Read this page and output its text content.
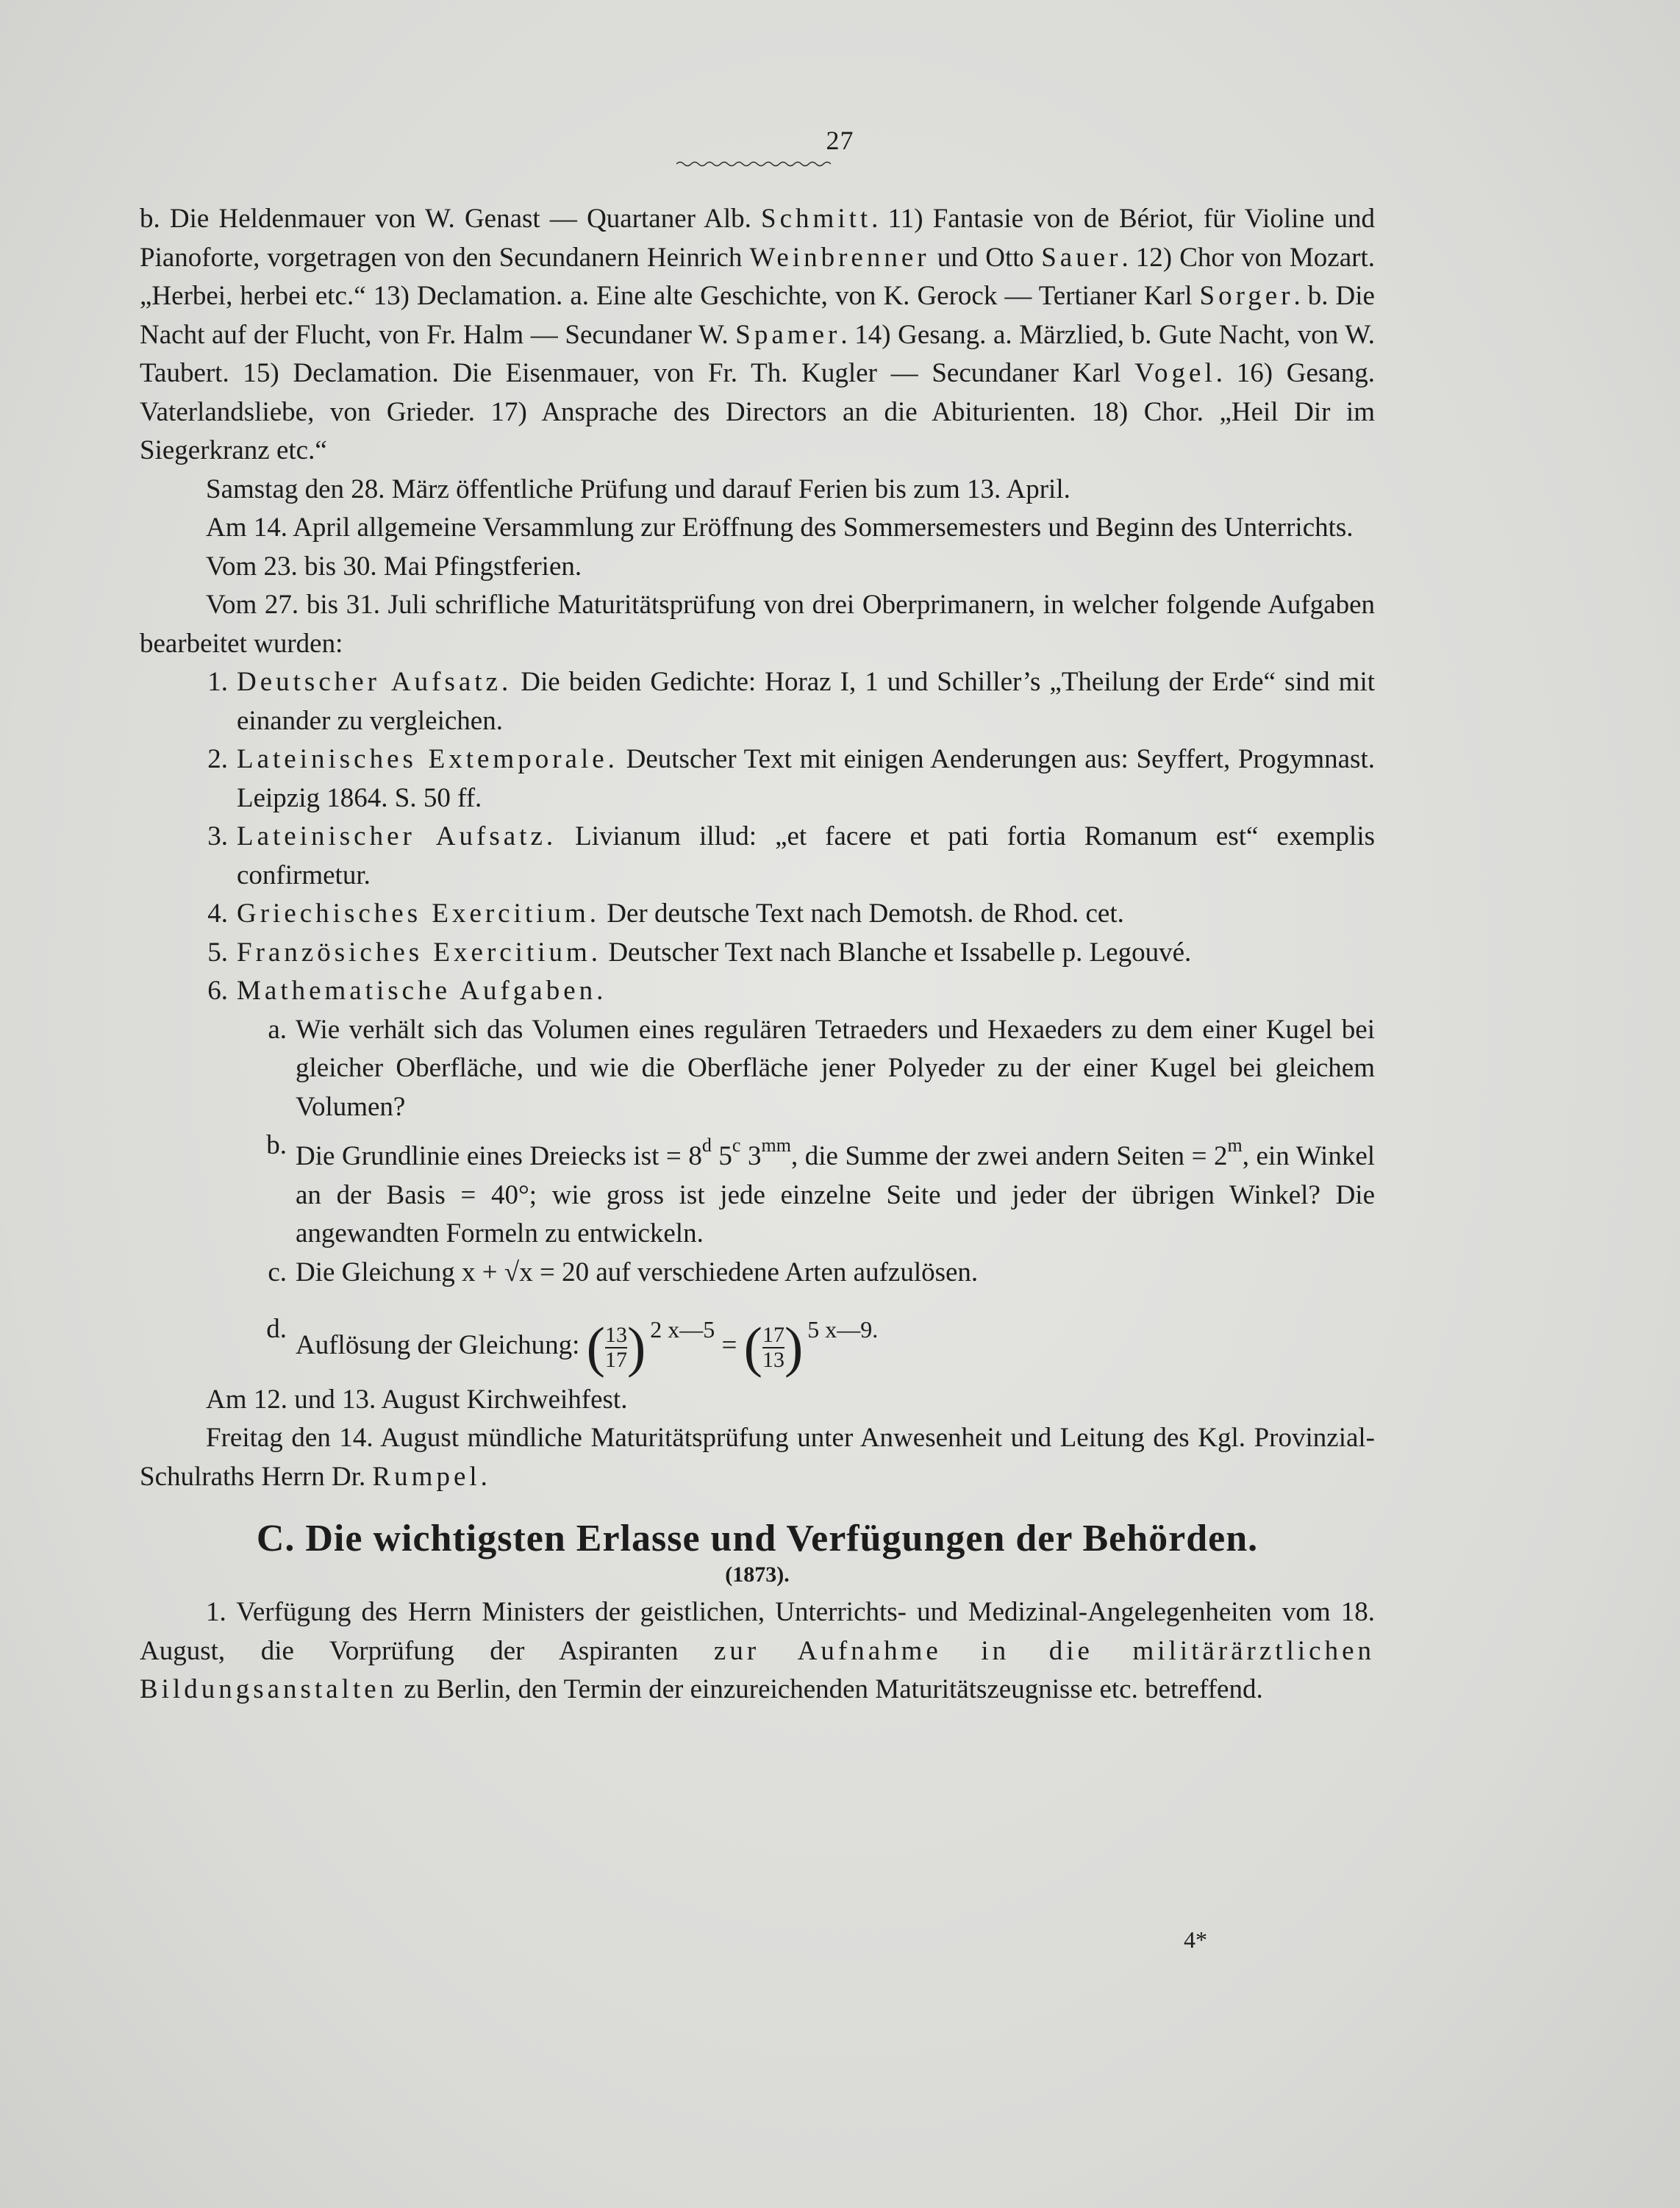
27

b. Die Heldenmauer von W. Genast — Quartaner Alb. Schmitt. 11) Fantasie von de Bériot, für Violine und Pianoforte, vorgetragen von den Secundanern Heinrich Weinbrenner und Otto Sauer. 12) Chor von Mozart. „Herbei, herbei etc.“ 13) Declamation. a. Eine alte Geschichte, von K. Gerock — Tertianer Karl Sorger. b. Die Nacht auf der Flucht, von Fr. Halm — Secundaner W. Spamer. 14) Gesang. a. Märzlied, b. Gute Nacht, von W. Taubert. 15) Declamation. Die Eisenmauer, von Fr. Th. Kugler — Secundaner Karl Vogel. 16) Gesang. Vaterlandsliebe, von Grieder. 17) Ansprache des Directors an die Abiturienten. 18) Chor. „Heil Dir im Siegerkranz etc.“

Samstag den 28. März öffentliche Prüfung und darauf Ferien bis zum 13. April.

Am 14. April allgemeine Versammlung zur Eröffnung des Sommersemesters und Beginn des Unterrichts.

Vom 23. bis 30. Mai Pfingstferien.

Vom 27. bis 31. Juli schrifliche Maturitätsprüfung von drei Oberprimanern, in welcher folgende Aufgaben bearbeitet wurden:

1. Deutscher Aufsatz. Die beiden Gedichte: Horaz I, 1 und Schiller’s „Theilung der Erde“ sind mit einander zu vergleichen.
2. Lateinisches Extemporale. Deutscher Text mit einigen Aenderungen aus: Seyffert, Progymnast. Leipzig 1864. S. 50 ff.
3. Lateinischer Aufsatz. Livianum illud: „et facere et pati fortia Romanum est“ exemplis confirmetur.
4. Griechisches Exercitium. Der deutsche Text nach Demotsh. de Rhod. cet.
5. Französiches Exercitium. Deutscher Text nach Blanche et Issabelle p. Legouvé.
6. Mathematische Aufgaben.
a. Wie verhält sich das Volumen eines regulären Tetraeders und Hexaeders zu dem einer Kugel bei gleicher Oberfläche, und wie die Oberfläche jener Polyeder zu der einer Kugel bei gleichem Volumen?
b. Die Grundlinie eines Dreiecks ist = $8^d$ 5$^c$ $3^{mm}$, die Summe der zwei andern Seiten = $2^m$, ein Winkel an der Basis = 40°; wie gross ist jede einzelne Seite und jeder der übrigen Winkel? Die angewandten Formeln zu entwickeln.
c. Die Gleichung x + √x = 20 auf verschiedene Arten aufzulösen.
d.
Auflösung der Gleichung: ( $\frac{13}{17}$ ) 2 x—5 = ( $\frac{17}{13}$ ) 5 x—9.

Am 12. und 13. August Kirchweihfest.

Freitag den 14. August mündliche Maturitätsprüfung unter Anwesenheit und Leitung des Kgl. Provinzial-Schulraths Herrn Dr. Rumpel.

C. Die wichtigsten Erlasse und Verfügungen der Behörden.
(1873).

1. Verfügung des Herrn Ministers der geistlichen, Unterrichts- und Medizinal-Angelegenheiten vom 18. August, die Vorprüfung der Aspiranten zur Aufnahme in die militärärztlichen Bildungsanstalten zu Berlin, den Termin der einzureichenden Maturitätszeugnisse etc. betreffend.

4*
